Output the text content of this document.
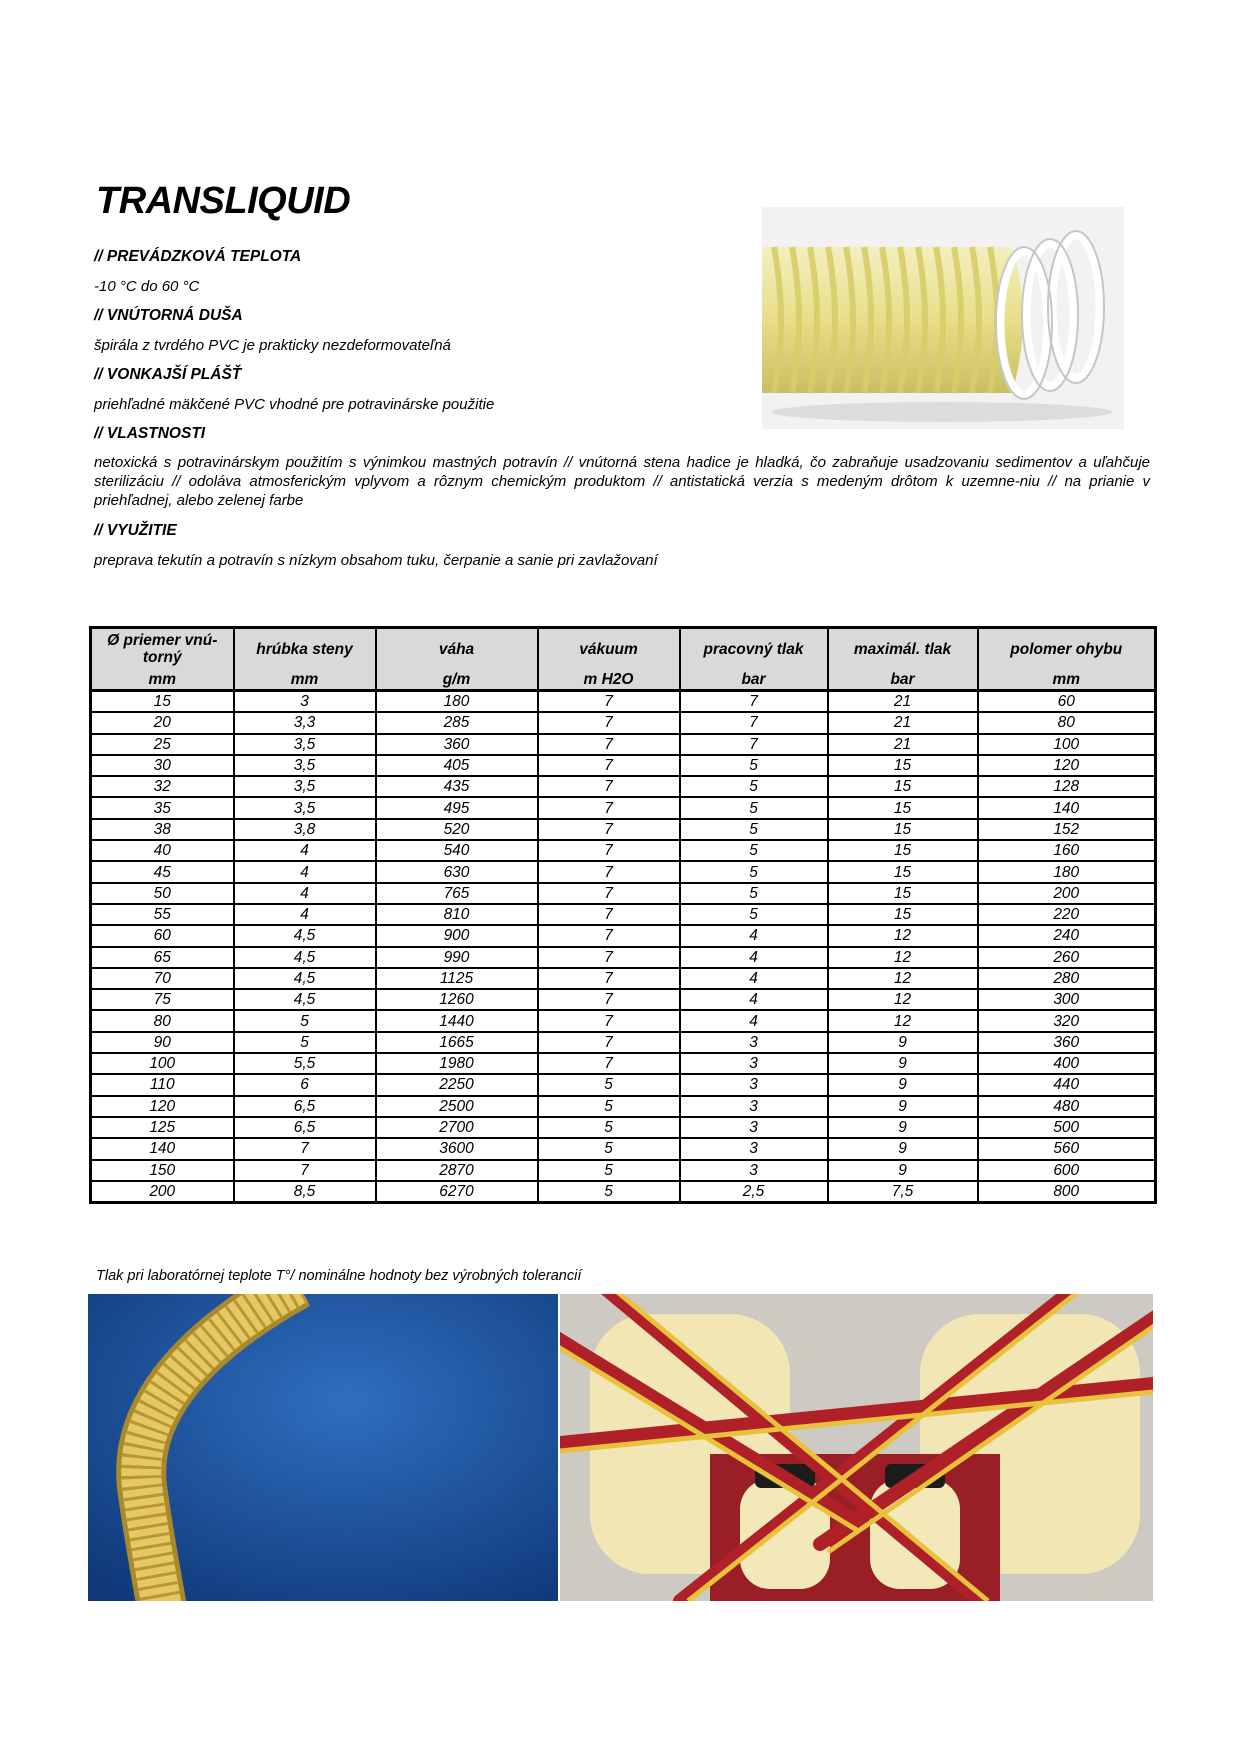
TRANSLIQUID

// PREVÁDZKOVÁ TEPLOTA

-10 °C do 60 °C

// VNÚTORNÁ DUŠA

špirála z tvrdého PVC je prakticky nezdeformovateľná

// VONKAJŠÍ PLÁŠŤ

priehľadné mäkčené PVC vhodné pre potravinárske použitie

// VLASTNOSTI

netoxická s potravinárskym použitím s výnimkou mastných potravín // vnútorná stena hadice je hladká, čo zabraňuje usadzovaniu sedimentov a uľahčuje sterilizáciu // odoláva atmosferickým vplyvom a rôznym chemickým produktom // antistatická verzia s medeným drôtom k uzemne-niu // na prianie v priehľadnej, alebo zelenej farbe

// VYUŽITIE

preprava tekutín a potravín s nízkym obsahom tuku, čerpanie a sanie pri zavlažovaní

Ø priemer vnú-torný	hrúbka steny	váha	vákuum	pracovný tlak	maximál. tlak	polomer ohybu
mm	mm	g/m	m H2O	bar	bar	mm
15	3	180	7	7	21	60
20	3,3	285	7	7	21	80
25	3,5	360	7	7	21	100
30	3,5	405	7	5	15	120
32	3,5	435	7	5	15	128
35	3,5	495	7	5	15	140
38	3,8	520	7	5	15	152
40	4	540	7	5	15	160
45	4	630	7	5	15	180
50	4	765	7	5	15	200
55	4	810	7	5	15	220
60	4,5	900	7	4	12	240
65	4,5	990	7	4	12	260
70	4,5	1125	7	4	12	280
75	4,5	1260	7	4	12	300
80	5	1440	7	4	12	320
90	5	1665	7	3	9	360
100	5,5	1980	7	3	9	400
110	6	2250	5	3	9	440
120	6,5	2500	5	3	9	480
125	6,5	2700	5	3	9	500
140	7	3600	5	3	9	560
150	7	2870	5	3	9	600
200	8,5	6270	5	2,5	7,5	800

Tlak pri laboratórnej teplote T°/ nominálne hodnoty bez výrobných tolerancií
